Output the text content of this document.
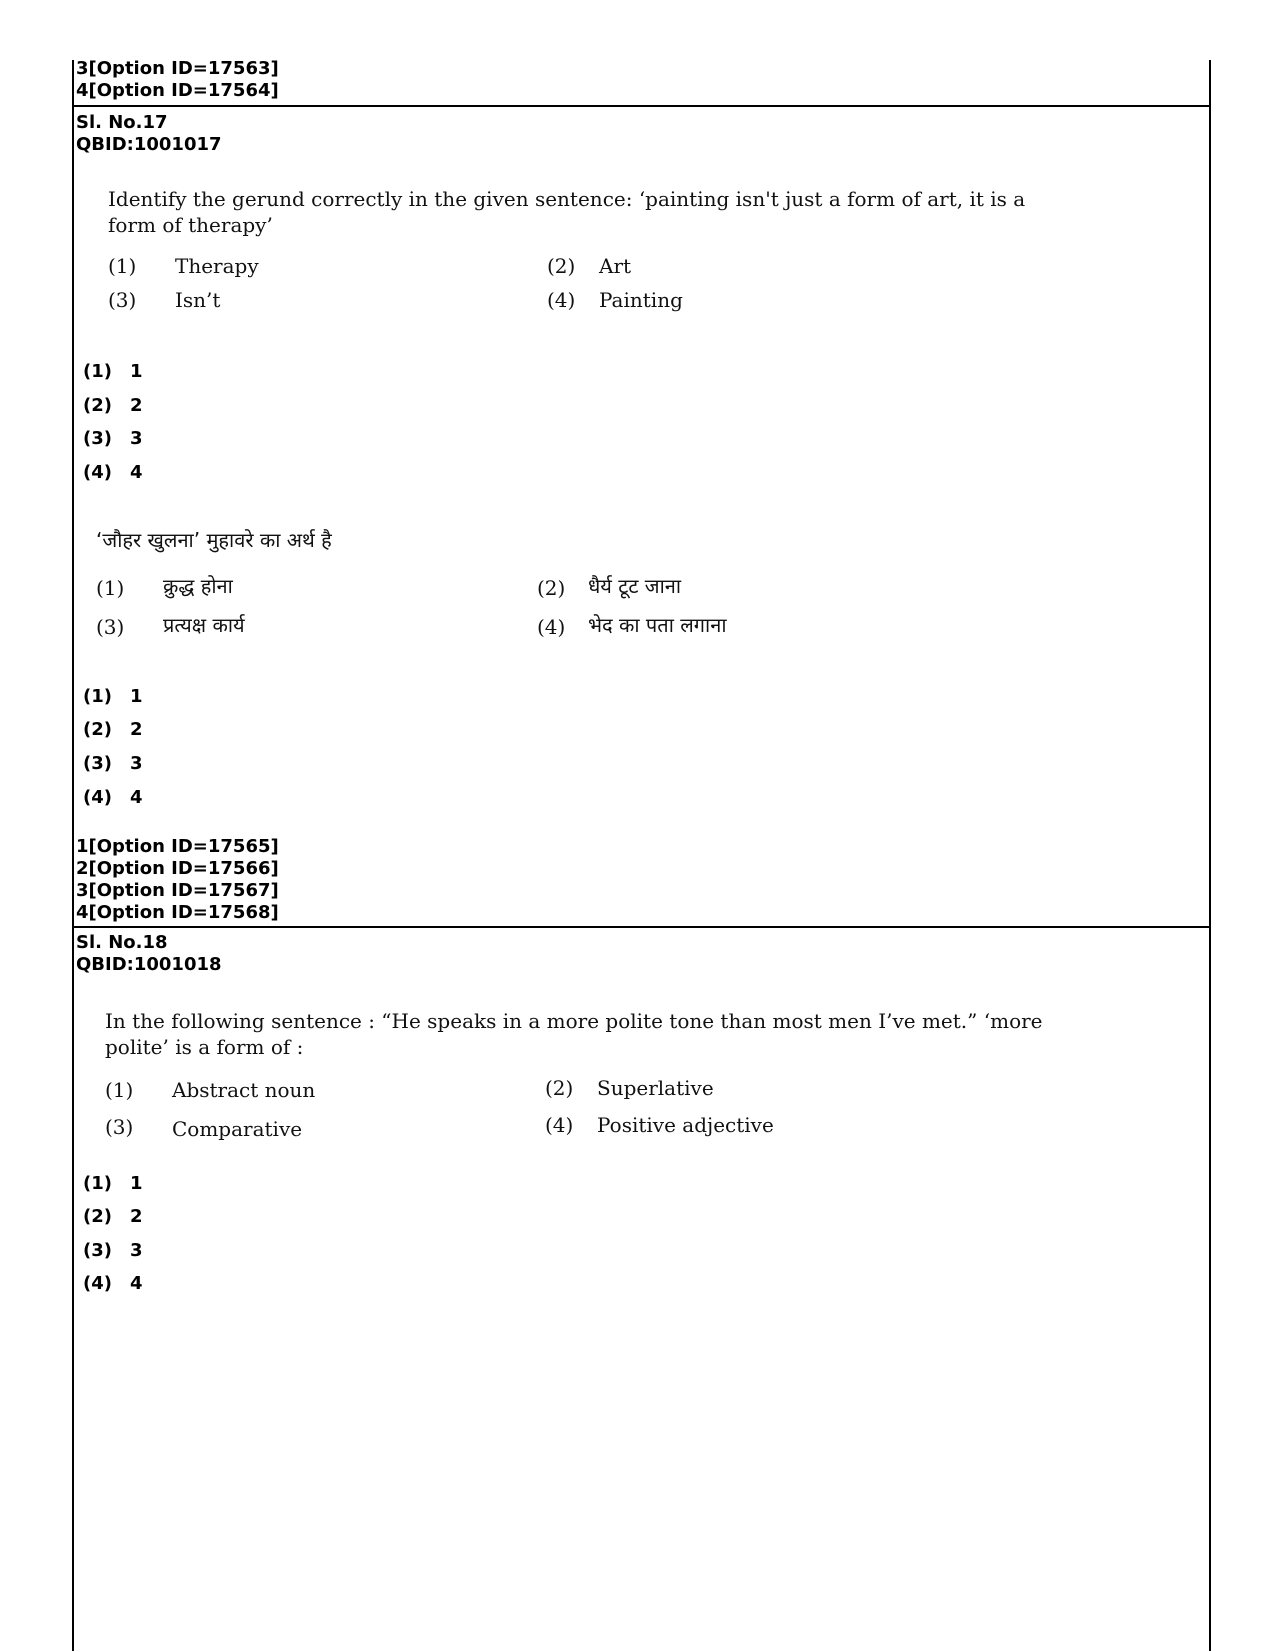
3[Option ID=17563]
4[Option ID=17564]
Sl. No.17
QBID:1001017
Identify the gerund correctly in the given sentence: ‘painting isn't just a form of art, it is a
form of therapy’
(1) Therapy	(2) Art
(3) Isn’t	(4) Painting
(1) 1
(2) 2
(3) 3
(4) 4
‘जौहर खुलना’ मुहावरे का अर्थ है
(1) क्रुद्ध होना	(2) धैर्य टूट जाना
(3) प्रत्यक्ष कार्य	(4) भेद का पता लगाना
(1) 1
(2) 2
(3) 3
(4) 4
1[Option ID=17565]
2[Option ID=17566]
3[Option ID=17567]
4[Option ID=17568]
Sl. No.18
QBID:1001018
In the following sentence : “He speaks in a more polite tone than most men I’ve met.” ‘more
polite’ is a form of :
(1) Abstract noun	(2) Superlative
(3) Comparative	(4) Positive adjective
(1) 1
(2) 2
(3) 3
(4) 4
